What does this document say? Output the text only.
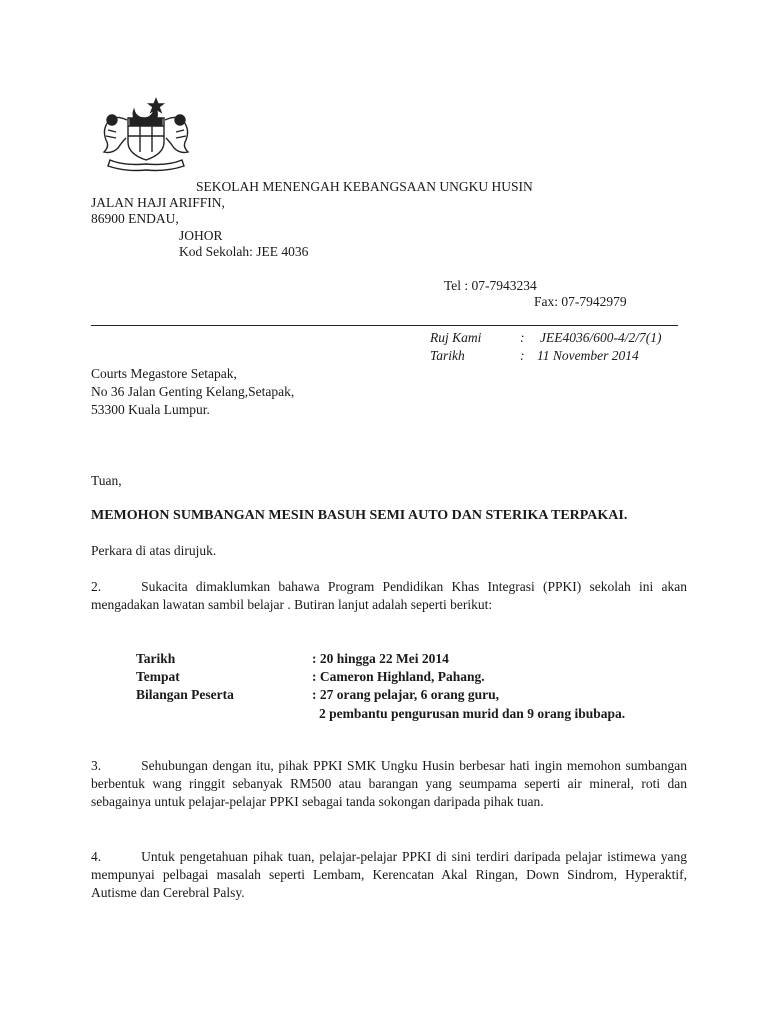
SEKOLAH MENENGAH KEBANGSAAN UNGKU HUSIN
JALAN HAJI ARIFFIN,
86900 ENDAU,
JOHOR
Kod Sekolah: JEE 4036
Tel : 07-7943234
Fax: 07-7942979
Ruj Kami	: JEE4036/600-4/2/7(1)
Tarikh	: 11 November 2014
Courts Megastore Setapak,
No 36 Jalan Genting Kelang,Setapak,
53300 Kuala Lumpur.
Tuan,
MEMOHON SUMBANGAN MESIN BASUH SEMI AUTO DAN STERIKA TERPAKAI.
Perkara di atas dirujuk.
2.	Sukacita dimaklumkan bahawa Program Pendidikan Khas Integrasi (PPKI) sekolah ini akan mengadakan lawatan sambil belajar . Butiran lanjut adalah seperti berikut:
Tarikh	: 20 hingga 22 Mei 2014
Tempat	: Cameron Highland, Pahang.
Bilangan Peserta	: 27 orang pelajar, 6 orang guru,
2 pembantu pengurusan murid dan 9 orang ibubapa.
3.	Sehubungan dengan itu, pihak PPKI SMK Ungku Husin berbesar hati ingin memohon sumbangan berbentuk wang ringgit sebanyak RM500 atau barangan yang seumpama seperti air mineral, roti dan sebagainya untuk pelajar-pelajar PPKI sebagai tanda sokongan daripada pihak tuan.
4.	Untuk pengetahuan pihak tuan, pelajar-pelajar PPKI di sini terdiri daripada pelajar istimewa yang mempunyai pelbagai masalah seperti Lembam, Kerencatan Akal Ringan, Down Sindrom, Hyperaktif, Autisme dan Cerebral Palsy.
